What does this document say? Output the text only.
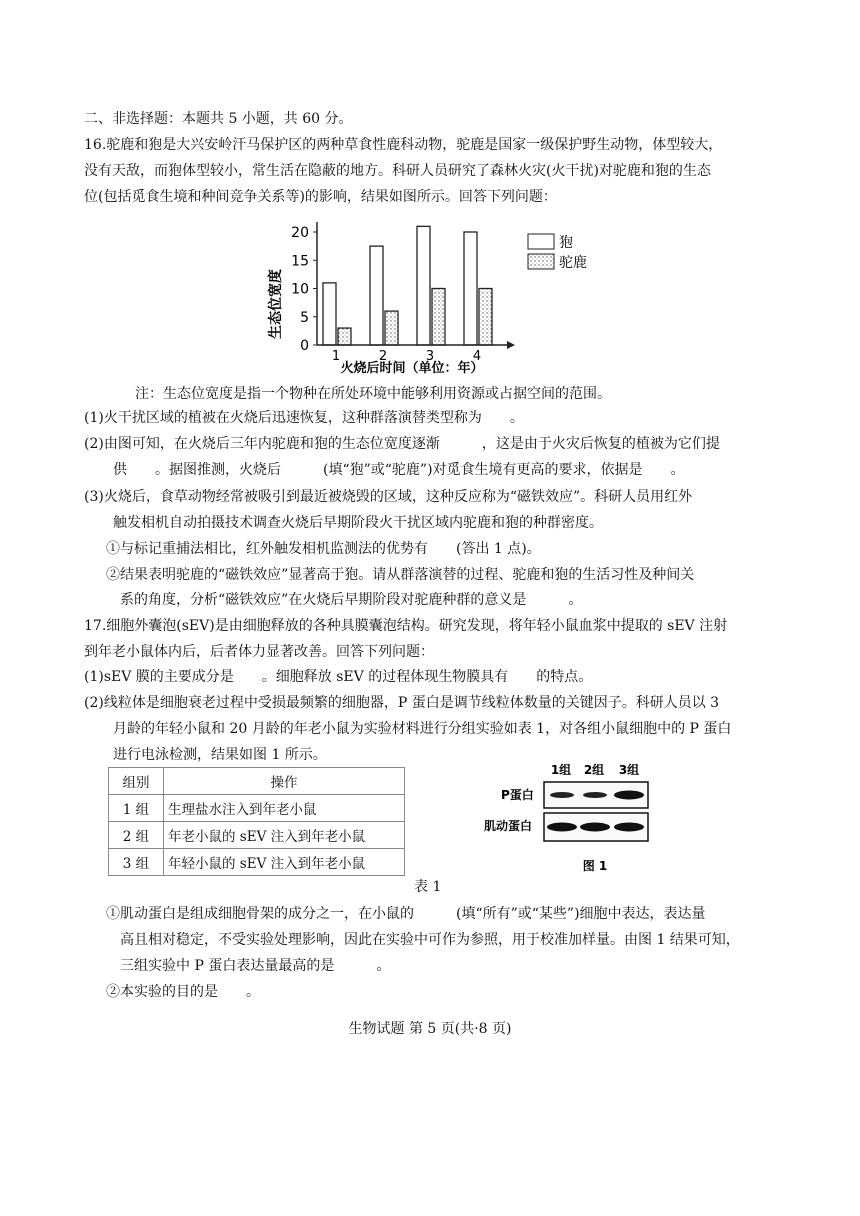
二、非选择题：本题共 5 小题，共 60 分。
16.驼鹿和狍是大兴安岭汗马保护区的两种草食性鹿科动物，驼鹿是国家一级保护野生动物，体型较大，
没有天敌，而狍体型较小，常生活在隐蔽的地方。科研人员研究了森林火灾(火干扰)对驼鹿和狍的生态
位(包括觅食生境和种间竞争关系等)的影响，结果如图所示。回答下列问题：
生态位宽度
0
5
10
15
20
1	2	3	4
火烧后时间（单位：年）
狍
驼鹿
注：生态位宽度是指一个物种在所处环境中能够利用资源或占据空间的范围。
(1)火干扰区域的植被在火烧后迅速恢复，这种群落演替类型称为　　。
(2)由图可知，在火烧后三年内驼鹿和狍的生态位宽度逐渐　　　，这是由于火灾后恢复的植被为它们提
供　　。据图推测，火烧后　　　(填“狍”或“驼鹿”)对觅食生境有更高的要求，依据是　　。
(3)火烧后，食草动物经常被吸引到最近被烧毁的区域，这种反应称为“磁铁效应”。科研人员用红外
触发相机自动拍摄技术调查火烧后早期阶段火干扰区域内驼鹿和狍的种群密度。
①与标记重捕法相比，红外触发相机监测法的优势有　　(答出 1 点)。
②结果表明驼鹿的“磁铁效应”显著高于狍。请从群落演替的过程、驼鹿和狍的生活习性及种间关
系的角度，分析“磁铁效应”在火烧后早期阶段对驼鹿种群的意义是　　　。
17.细胞外囊泡(sEV)是由细胞释放的各种具膜囊泡结构。研究发现，将年轻小鼠血浆中提取的 sEV 注射
到年老小鼠体内后，后者体力显著改善。回答下列问题：
(1)sEV 膜的主要成分是　　。细胞释放 sEV 的过程体现生物膜具有　　的特点。
(2)线粒体是细胞衰老过程中受损最频繁的细胞器，P 蛋白是调节线粒体数量的关键因子。科研人员以 3
月龄的年轻小鼠和 20 月龄的年老小鼠为实验材料进行分组实验如表 1，对各组小鼠细胞中的 P 蛋白
进行电泳检测，结果如图 1 所示。
组别	操作
1 组	生理盐水注入到年老小鼠
2 组	年老小鼠的 sEV 注入到年老小鼠
3 组	年轻小鼠的 sEV 注入到年老小鼠
1组 2组 3组
P蛋白
肌动蛋白
图 1
表 1
①肌动蛋白是组成细胞骨架的成分之一，在小鼠的　　　(填“所有”或“某些”)细胞中表达，表达量
高且相对稳定，不受实验处理影响，因此在实验中可作为参照，用于校准加样量。由图 1 结果可知，
三组实验中 P 蛋白表达量最高的是　　　。
②本实验的目的是　　。
生物试题 第 5 页(共·8 页)
